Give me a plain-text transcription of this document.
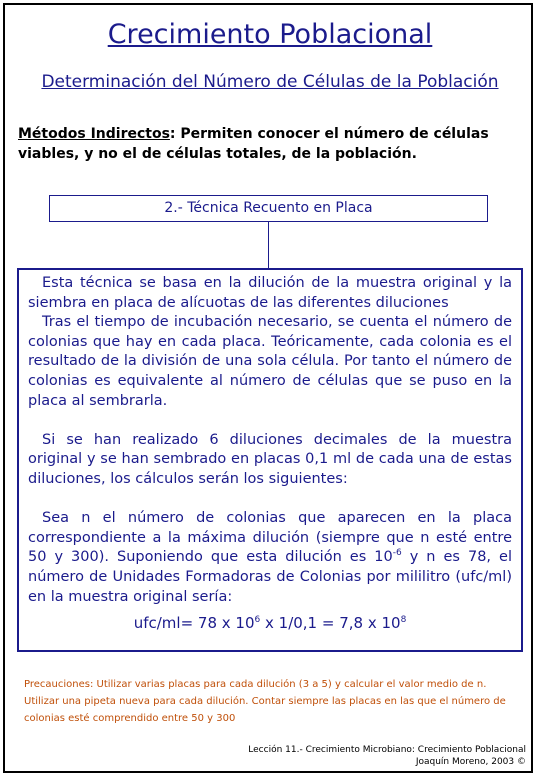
Crecimiento Poblacional
Determinación del Número de Células de la Población
Métodos Indirectos: Permiten conocer el número de células viables, y no el de células totales, de la población.
2.- Técnica Recuento en Placa

Esta técnica se basa en la dilución de la muestra original y la siembra en placa de alícuotas de las diferentes diluciones

Tras el tiempo de incubación necesario, se cuenta el número de colonias que hay en cada placa. Teóricamente, cada colonia es el resultado de la división de una sola célula. Por tanto el número de colonias es equivalente al número de células que se puso en la placa al sembrarla.

Si se han realizado 6 diluciones decimales de la muestra original y se han sembrado en placas 0,1 ml de cada una de estas diluciones, los cálculos serán los siguientes:

Sea n el número de colonias que aparecen en la placa correspondiente a la máxima dilución (siempre que n esté entre 50 y 300). Suponiendo que esta dilución es $10^{-6}$ y n es 78, el número de Unidades Formadoras de Colonias por mililitro (ufc/ml) en la muestra original sería:

ufc/ml= 78 x $10^6$ x 1/0,1 = 7,8 x $10^8$

Precauciones: Utilizar varias placas para cada dilución (3 a 5) y calcular el valor medio de n. Utilizar una pipeta nueva para cada dilución. Contar siempre las placas en las que el número de colonias esté comprendido entre 50 y 300
Lección 11.- Crecimiento Microbiano: Crecimiento Poblacional
Joaquín Moreno, 2003 ©
